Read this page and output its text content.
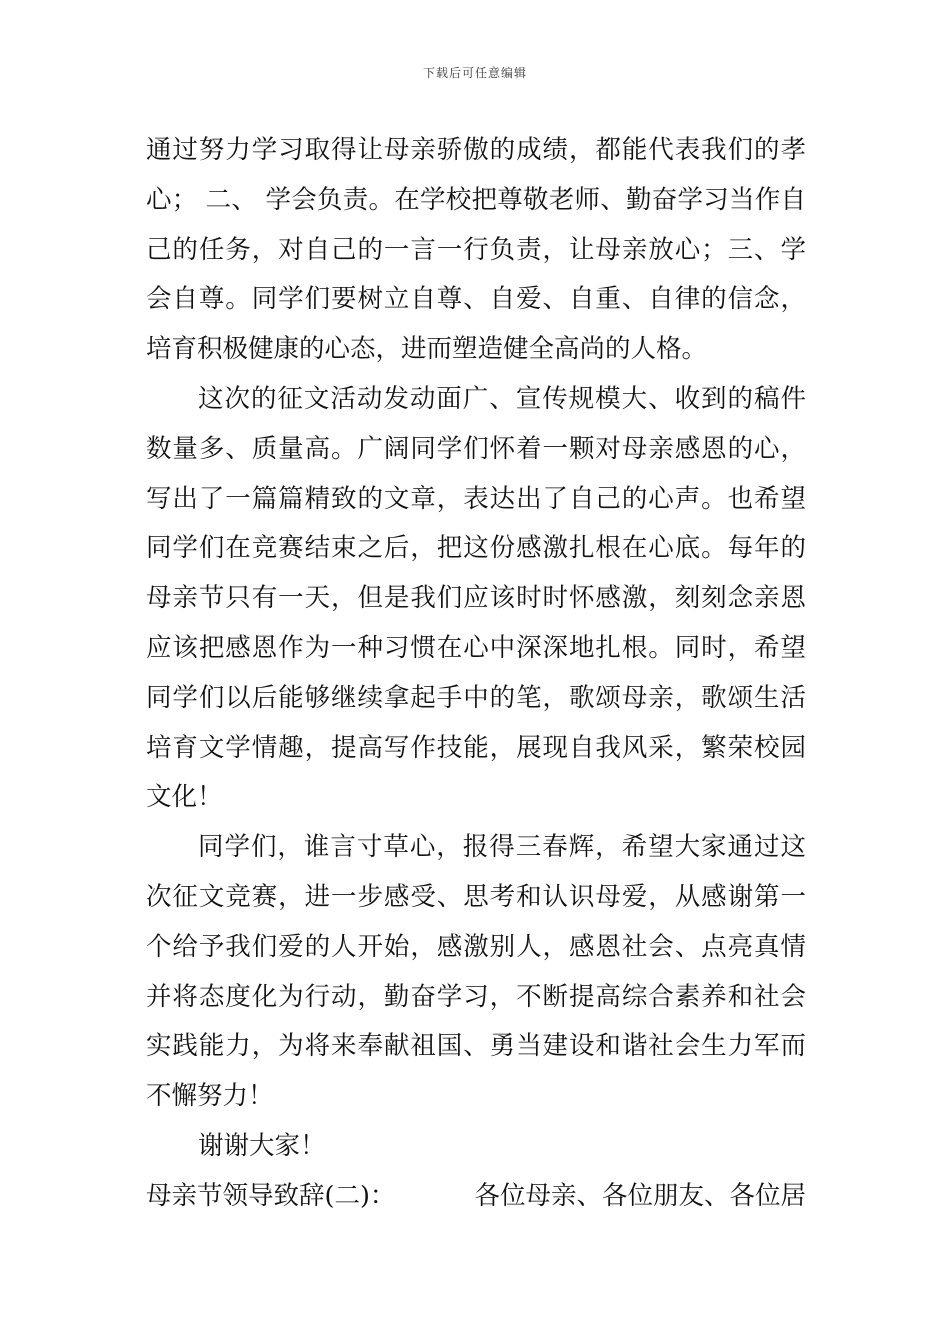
下载后可任意编辑

通过努力学习取得让母亲骄傲的成绩，都能代表我们的孝心； 二、 学会负责。在学校把尊敬老师、勤奋学习当作自己的任务，对自己的一言一行负责，让母亲放心；三、学会自尊。同学们要树立自尊、自爱、自重、自律的信念，培育积极健康的心态，进而塑造健全高尚的人格。

这次的征文活动发动面广、宣传规模大、收到的稿件数量多、质量高。广阔同学们怀着一颗对母亲感恩的心，写出了一篇篇精致的文章，表达出了自己的心声。也希望同学们在竞赛结束之后，把这份感激扎根在心底。每年的母亲节只有一天，但是我们应该时时怀感激，刻刻念亲恩应该把感恩作为一种习惯在心中深深地扎根。同时，希望同学们以后能够继续拿起手中的笔，歌颂母亲，歌颂生活培育文学情趣，提高写作技能，展现自我风采，繁荣校园文化！

同学们，谁言寸草心，报得三春辉，希望大家通过这次征文竞赛，进一步感受、思考和认识母爱，从感谢第一个给予我们爱的人开始，感激别人，感恩社会、点亮真情并将态度化为行动，勤奋学习，不断提高综合素养和社会实践能力，为将来奉献祖国、勇当建设和谐社会生力军而不懈努力！

谢谢大家！

母亲节领导致辞(二)：	各位母亲、各位朋友、各位居
